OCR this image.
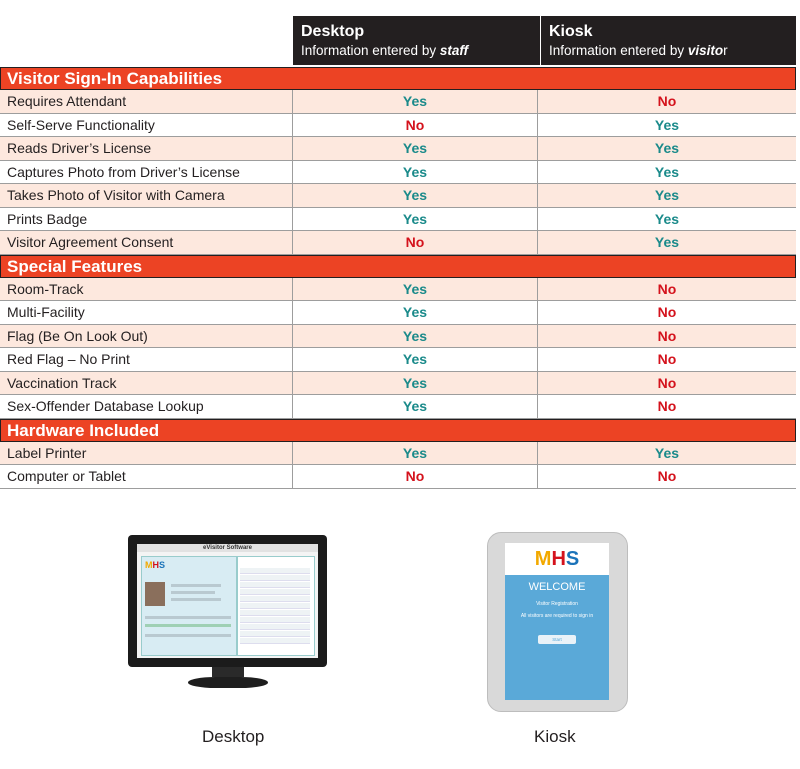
Desktop
Information entered by staff
Kiosk
Information entered by visitor
Visitor Sign-In Capabilities
Requires Attendant	Yes	No
Self-Serve Functionality	No	Yes
Reads Driver’s License	Yes	Yes
Captures Photo from Driver’s License	Yes	Yes
Takes Photo of Visitor with Camera	Yes	Yes
Prints Badge	Yes	Yes
Visitor Agreement Consent	No	Yes
Special Features
Room-Track	Yes	No
Multi-Facility	Yes	No
Flag (Be On Look Out)	Yes	No
Red Flag – No Print	Yes	No
Vaccination Track	Yes	No
Sex-Offender Database Lookup	Yes	No
Hardware Included
Label Printer	Yes	Yes
Computer or Tablet	No	No
eVisitor Software
MHS
Desktop
MHS
WELCOME
Visitor Registration
All visitors are required to sign in
Start
Kiosk
